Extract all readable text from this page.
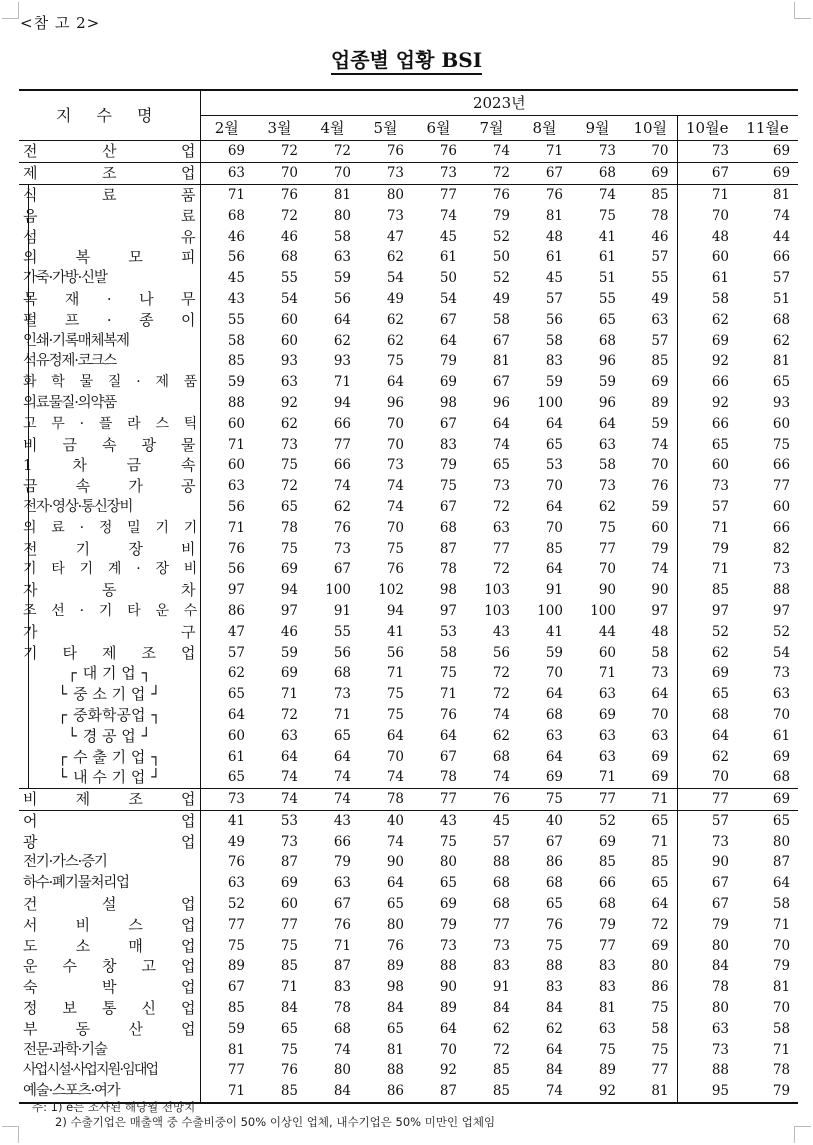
<참 고 2>
업종별 업황 BSI
지 수 명	2023년										
	2월	3월	4월	5월	6월	7월	8월	9월	10월	10월e	11월e

전 산 업	69	72	72	76	76	74	71	73	70	73	69

제 조 업	63	70	70	73	73	72	67	68	69	67	69

식 료 품	71	76	81	80	77	76	76	74	85	71	81

음 료	68	72	80	73	74	79	81	75	78	70	74

섬 유	46	46	58	47	45	52	48	41	46	48	44

의 복 모 피	56	68	63	62	61	50	61	61	57	60	66

가죽·가방·신발	45	55	59	54	50	52	45	51	55	61	57

목 재 · 나 무	43	54	56	49	54	49	57	55	49	58	51

펄 프 · 종 이	55	60	64	62	67	58	56	65	63	62	68

인쇄·기록매체복제	58	60	62	62	64	67	58	68	57	69	62

석유정제·코크스	85	93	93	75	79	81	83	96	85	92	81

화 학 물 질 · 제 품	59	63	71	64	69	67	59	59	69	66	65

의료물질·의약품	88	92	94	96	98	96	100	96	89	92	93

고 무 · 플 라 스 틱	60	62	66	70	67	64	64	64	59	66	60

비 금 속 광 물	71	73	77	70	83	74	65	63	74	65	75

1 차 금 속	60	75	66	73	79	65	53	58	70	60	66

금 속 가 공	63	72	74	74	75	73	70	73	76	73	77

전자·영상·통신장비	56	65	62	74	67	72	64	62	59	57	60

의 료 · 정 밀 기 기	71	78	76	70	68	63	70	75	60	71	66

전 기 장 비	76	75	73	75	87	77	85	77	79	79	82

기 타 기 계 · 장 비	56	69	67	76	78	72	64	70	74	71	73

자 동 차	97	94	100	102	98	103	91	90	90	85	88

조 선 · 기 타 운 수	86	97	91	94	97	103	100	100	97	97	97

가 구	47	46	55	41	53	43	41	44	48	52	52

기 타 제 조 업	57	59	56	56	58	56	59	60	58	62	54

┌ 대 기 업 ┐	62	69	68	71	75	72	70	71	73	69	73

└ 중 소 기 업 ┘	65	71	73	75	71	72	64	63	64	65	63

┌ 중화학공업 ┐	64	72	71	75	76	74	68	69	70	68	70

└ 경 공 업 ┘	60	63	65	64	64	62	63	63	63	64	61

┌ 수 출 기 업 ┐	61	64	64	70	67	68	64	63	69	62	69

└ 내 수 기 업 ┘	65	74	74	74	78	74	69	71	69	70	68

비 제 조 업	73	74	74	78	77	76	75	77	71	77	69

어 업	41	53	43	40	43	45	40	52	65	57	65

광 업	49	73	66	74	75	57	67	69	71	73	80

전기·가스·증기	76	87	79	90	80	88	86	85	85	90	87

하수·폐기물처리업	63	69	63	64	65	68	68	66	65	67	64

건 설 업	52	60	67	65	69	68	65	68	64	67	58

서 비 스 업	77	77	76	80	79	77	76	79	72	79	71

도 소 매 업	75	75	71	76	73	73	75	77	69	80	70

운 수 창 고 업	89	85	87	89	88	83	88	83	80	84	79

숙 박 업	67	71	83	98	90	91	83	83	86	78	81

정 보 통 신 업	85	84	78	84	89	84	84	81	75	80	70

부 동 산 업	59	65	68	65	64	62	62	63	58	63	58

전문·과학·기술	81	75	74	81	70	72	64	75	75	73	71

사업시설·사업지원·임대업	77	76	80	88	92	85	84	89	77	88	78

예술·스포츠·여가	71	85	84	86	87	85	74	92	81	95	79
주: 1) e는 조사된 해당월 전망치
2) 수출기업은 매출액 중 수출비중이 50% 이상인 업체, 내수기업은 50% 미만인 업체임
